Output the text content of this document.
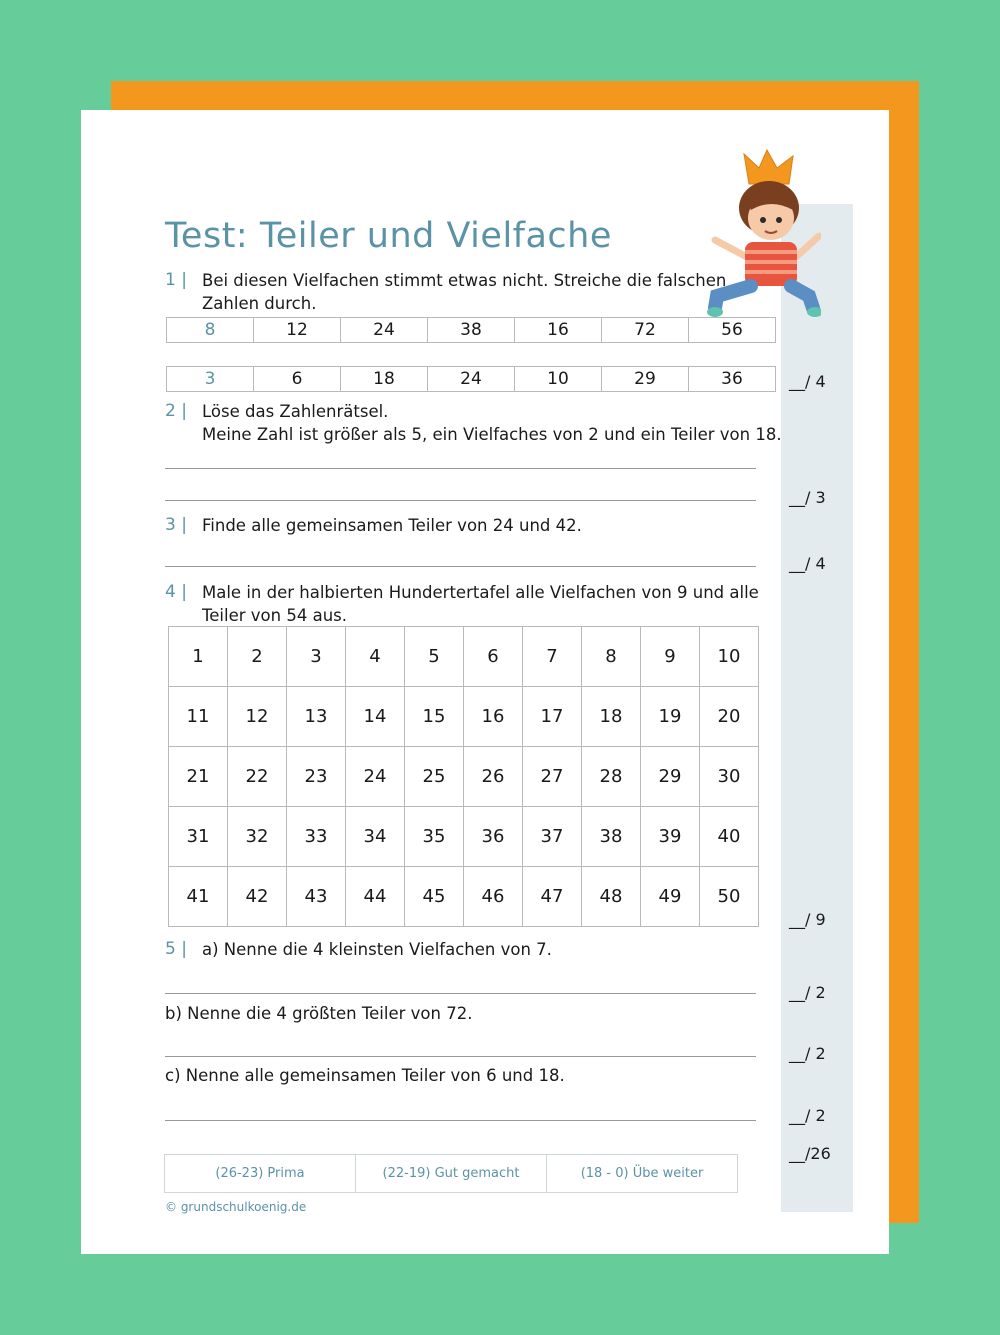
Test: Teiler und Vielfache
1 | Bei diesen Vielfachen stimmt etwas nicht. Streiche die falschen
Zahlen durch.
8	12	24	38	16	72	56
3	6	18	24	10	29	36	__/ 4
2 | Löse das Zahlenrätsel.
Meine Zahl ist größer als 5, ein Vielfaches von 2 und ein Teiler von 18.
__/ 3
3 | Finde alle gemeinsamen Teiler von 24 und 42.
__/ 4
4 | Male in der halbierten Hundertertafel alle Vielfachen von 9 und alle
Teiler von 54 aus.
1	2	3	4	5	6	7	8	9	10
11	12	13	14	15	16	17	18	19	20
21	22	23	24	25	26	27	28	29	30
31	32	33	34	35	36	37	38	39	40
41	42	43	44	45	46	47	48	49	50
__/ 9
5 | a) Nenne die 4 kleinsten Vielfachen von 7.
__/ 2
b) Nenne die 4 größten Teiler von 72.
__/ 2
c) Nenne alle gemeinsamen Teiler von 6 und 18.
__/ 2
__/26
(26-23) Prima	(22-19) Gut gemacht	(18 - 0) Übe weiter
© grundschulkoenig.de
